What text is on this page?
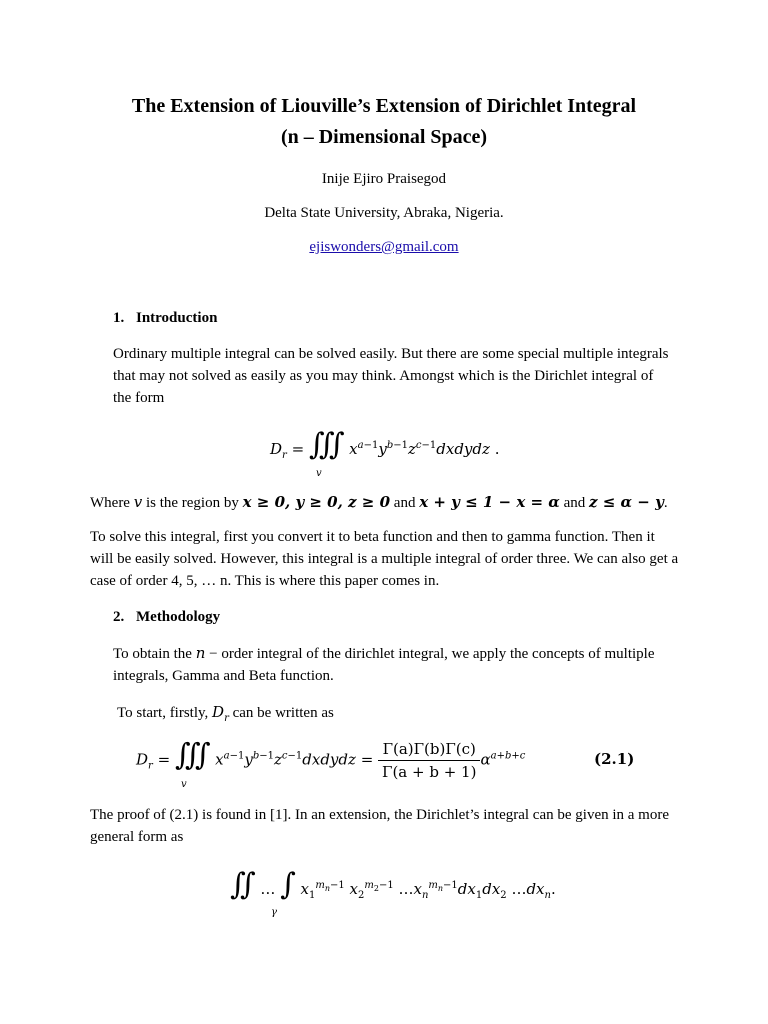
The Extension of Liouville’s Extension of Dirichlet Integral
(n – Dimensional Space)
Inije Ejiro Praisegod
Delta State University, Abraka, Nigeria.
ejiswonders@gmail.com
1. Introduction
Ordinary multiple integral can be solved easily. But there are some special multiple integrals that may not solved as easily as you may think. Amongst which is the Dirichlet integral of the form
$D_r$ = ∭ $x^{a-1}y^{b-1}z^{c-1}dxdydz$ .
v
Where v is the region by x ≥ 0, y ≥ 0, z ≥ 0 and x + y ≤ 1 − x = α and z ≤ α − y.
To solve this integral, first you convert it to beta function and then to gamma function. Then it will be easily solved. However, this integral is a multiple integral of order three. We can also get a case of order 4, 5, … n. This is where this paper comes in.
2. Methodology
To obtain the n − order integral of the dirichlet integral, we apply the concepts of multiple integrals, Gamma and Beta function.
To start, firstly, $D_r$ can be written as
$D_r$ = ∭ $x^{a-1}y^{b-1}z^{c-1}dxdydz = \frac{\Gamma(a)\Gamma(b)\Gamma(c)}{\Gamma(a + b + 1)} \alpha^{a+b+c}$
v
(2.1)
The proof of (2.1) is found in [1]. In an extension, the Dirichlet’s integral can be given in a more general form as
∬ … ∫ $x_1^{m_n-1}$ $x_2^{m_2-1}$ $\dots x_n^{m_n-1}dx_1dx_2$ $\dots dx_n$.
γ
